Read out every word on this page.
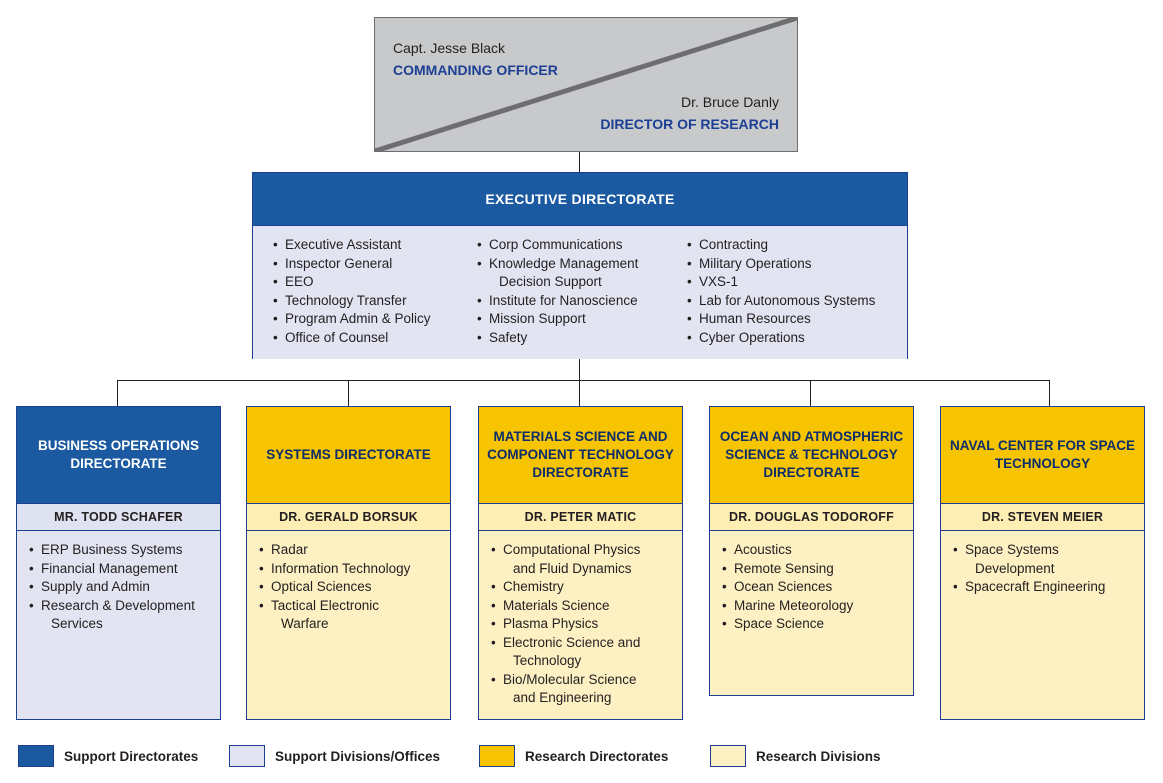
Capt. Jesse Black
COMMANDING OFFICER
Dr. Bruce Danly
DIRECTOR OF RESEARCH
EXECUTIVE DIRECTORATE
• Executive Assistant
• Inspector General
• EEO
• Technology Transfer
• Program Admin & Policy
• Office of Counsel
• Corp Communications
• Knowledge Management
Decision Support
• Institute for Nanoscience
• Mission Support
• Safety
• Contracting
• Military Operations
• VXS-1
• Lab for Autonomous Systems
• Human Resources
• Cyber Operations
BUSINESS OPERATIONS DIRECTORATE
MR. TODD SCHAFER
• ERP Business Systems
• Financial Management
• Supply and Admin
• Research & Development
Services
SYSTEMS DIRECTORATE
DR. GERALD BORSUK
• Radar
• Information Technology
• Optical Sciences
• Tactical Electronic
Warfare
MATERIALS SCIENCE AND COMPONENT TECHNOLOGY DIRECTORATE
DR. PETER MATIC
• Computational Physics
and Fluid Dynamics
• Chemistry
• Materials Science
• Plasma Physics
• Electronic Science and
Technology
• Bio/Molecular Science
and Engineering
OCEAN AND ATMOSPHERIC SCIENCE & TECHNOLOGY DIRECTORATE
DR. DOUGLAS TODOROFF
• Acoustics
• Remote Sensing
• Ocean Sciences
• Marine Meteorology
• Space Science
NAVAL CENTER FOR SPACE TECHNOLOGY
DR. STEVEN MEIER
• Space Systems
Development
• Spacecraft Engineering
Support Directorates	Support Divisions/Offices	Research Directorates	Research Divisions
